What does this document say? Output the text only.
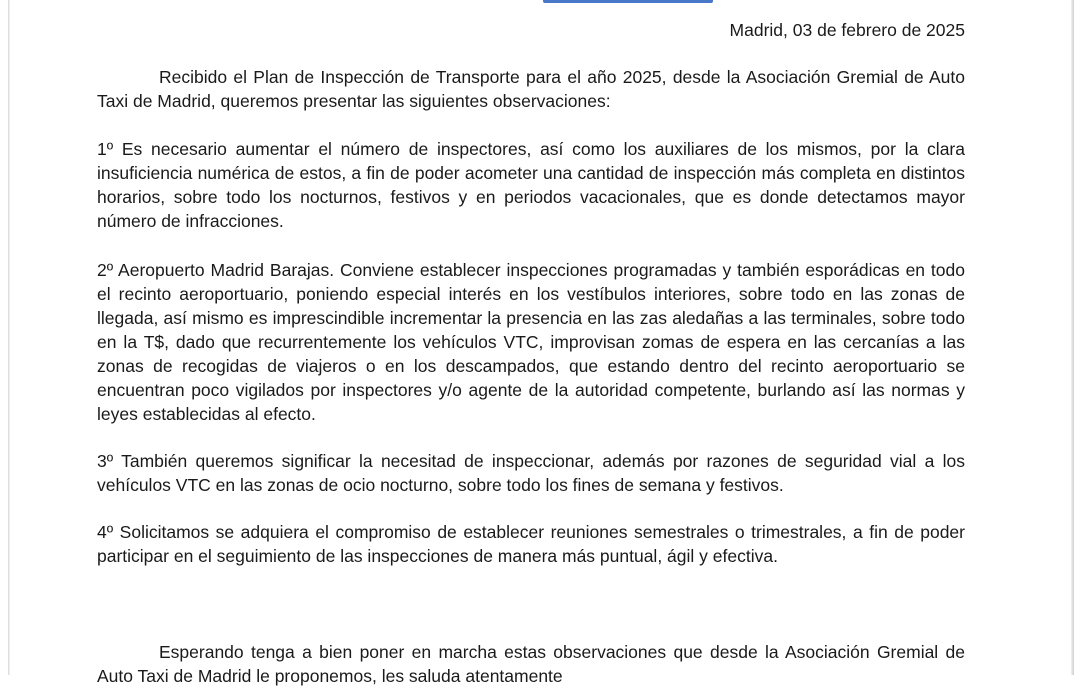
Madrid, 03 de febrero de 2025

Recibido el Plan de Inspección de Transporte para el año 2025, desde la Asociación Gremial de Auto Taxi de Madrid, queremos presentar las siguientes observaciones:

1º Es necesario aumentar el número de inspectores, así como los auxiliares de los mismos, por la clara insuficiencia numérica de estos, a fin de poder acometer una cantidad de inspección más completa en distintos horarios, sobre todo los nocturnos, festivos y en periodos vacacionales, que es donde detectamos mayor número de infracciones.

2º Aeropuerto Madrid Barajas. Conviene establecer inspecciones programadas y también esporádicas en todo el recinto aeroportuario, poniendo especial interés en los vestíbulos interiores, sobre todo en las zonas de llegada, así mismo es imprescindible incrementar la presencia en las zas aledañas a las terminales, sobre todo en la T$, dado que recurrentemente los vehículos VTC, improvisan zomas de espera en las cercanías a las zonas de recogidas de viajeros o en los descampados, que estando dentro del recinto aeroportuario se encuentran poco vigilados por inspectores y/o agente de la autoridad competente, burlando así las normas y leyes establecidas al efecto.

3º También queremos significar la necesitad de inspeccionar, además por razones de seguridad vial a los vehículos VTC en las zonas de ocio nocturno, sobre todo los fines de semana y festivos.

4º Solicitamos se adquiera el compromiso de establecer reuniones semestrales o trimestrales, a fin de poder participar en el seguimiento de las inspecciones de manera más puntual, ágil y efectiva.

Esperando tenga a bien poner en marcha estas observaciones que desde la Asociación Gremial de Auto Taxi de Madrid le proponemos, les saluda atentamente
